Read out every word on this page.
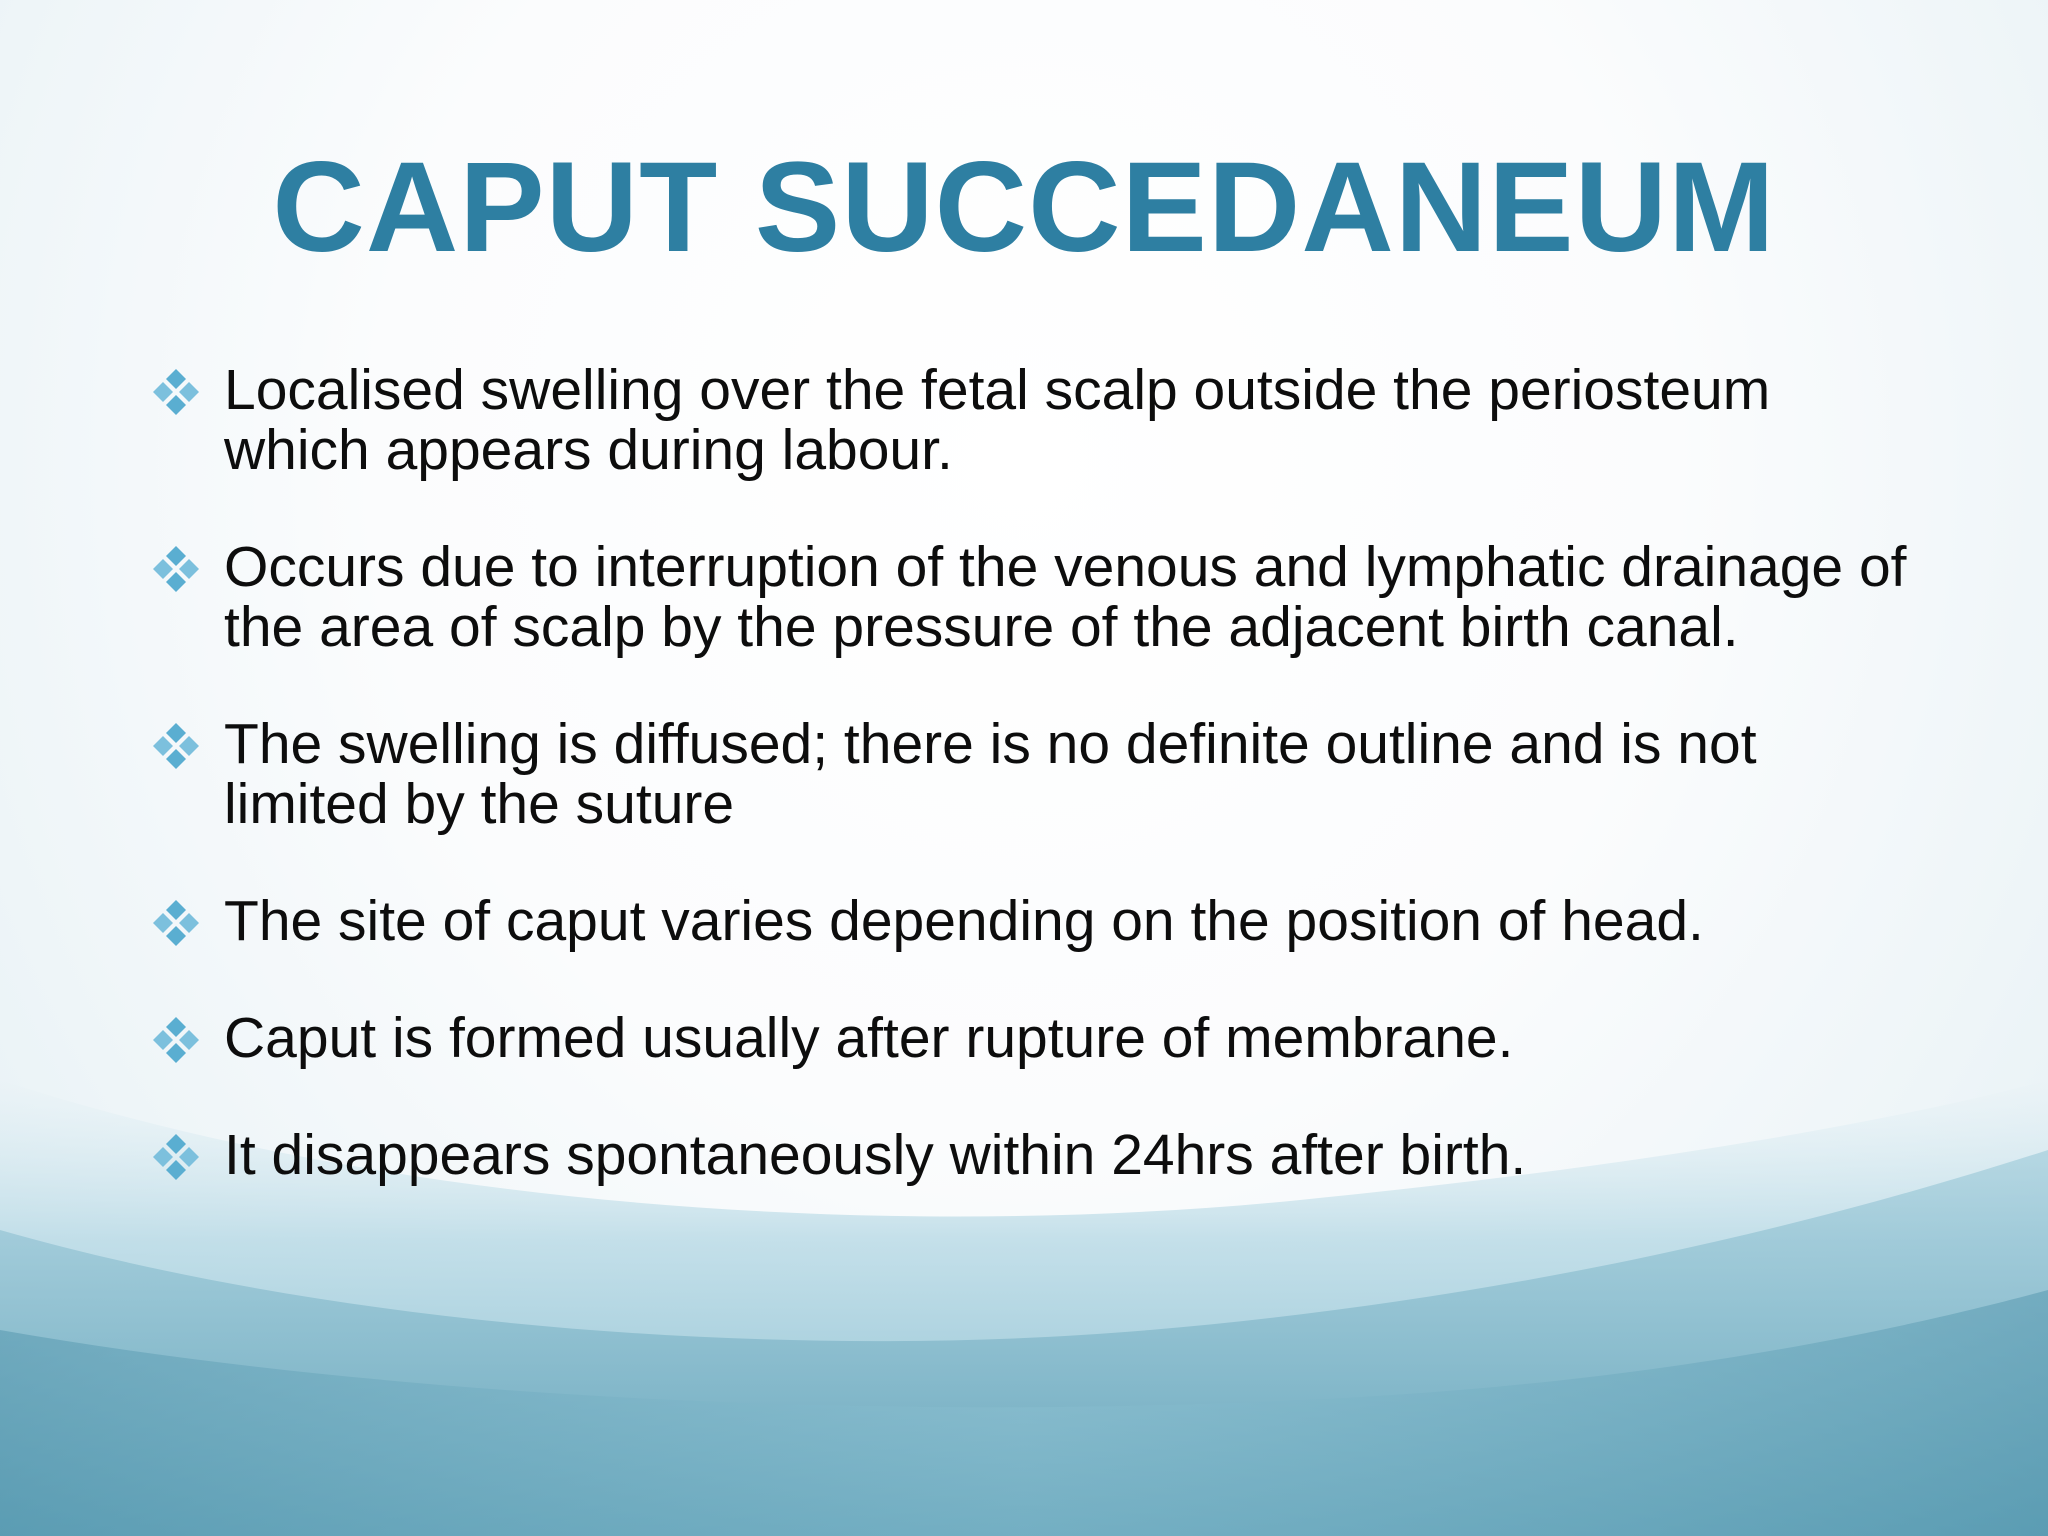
CAPUT SUCCEDANEUM
Localised swelling over the fetal scalp outside the periosteum which appears during labour.
Occurs due to interruption of the venous and lymphatic drainage of the area of scalp by the pressure of the adjacent birth canal.
The swelling is diffused; there is no definite outline and is not limited by the suture
The site of caput varies depending on the position of head.
Caput is formed usually after rupture of membrane.
It disappears spontaneously within 24hrs after birth.
